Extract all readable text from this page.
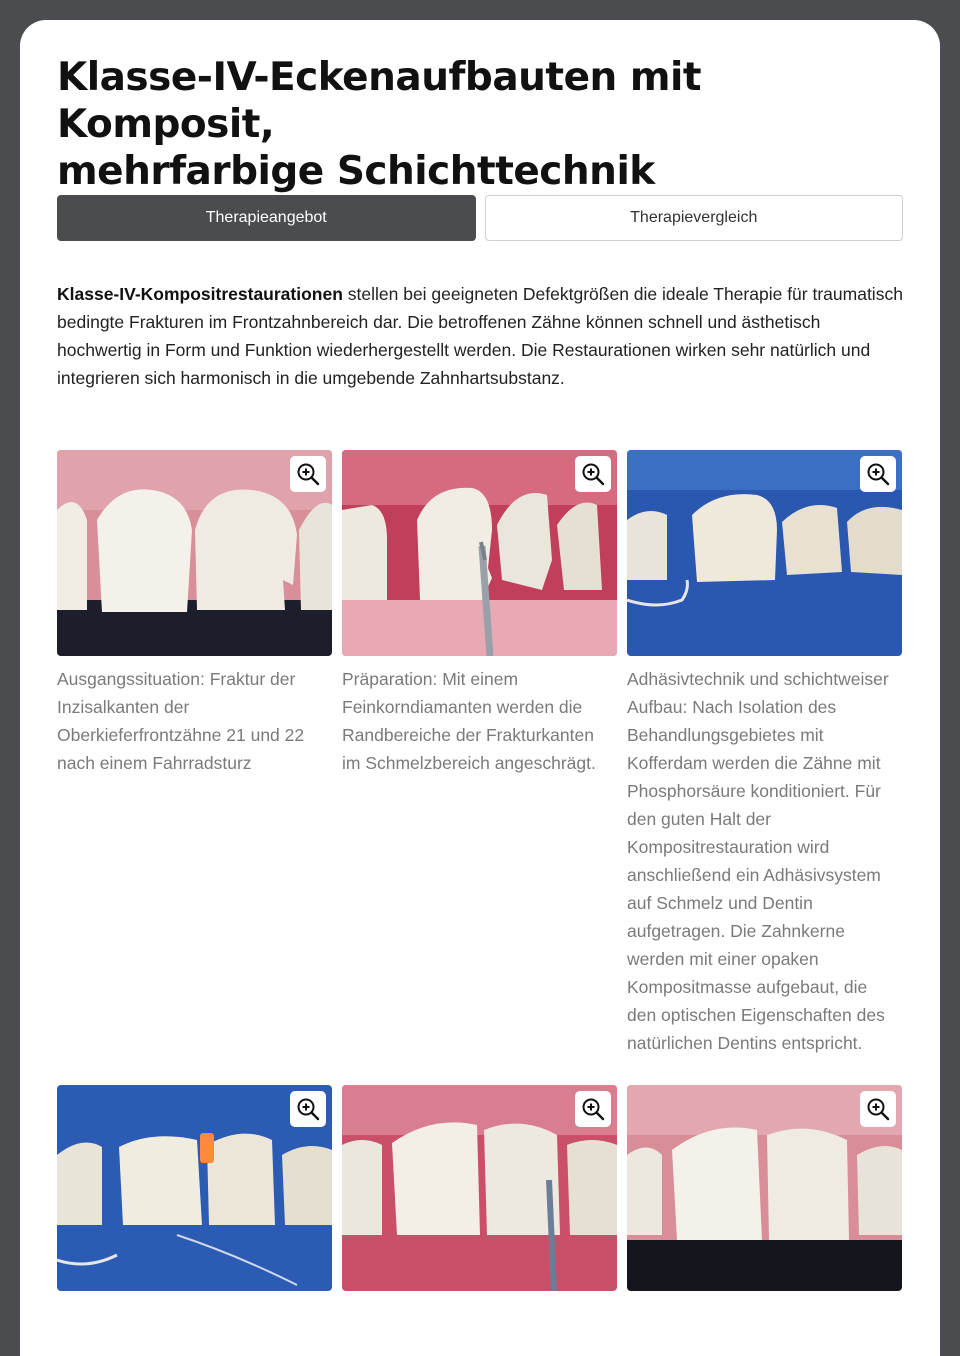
Klasse-IV-Eckenaufbauten mit Komposit,
mehrfarbige Schichttechnik
Therapieangebot	Therapievergleich

Klasse-IV-Kompositrestaurationen stellen bei geeigneten Defektgrößen die ideale Therapie für traumatisch bedingte Frakturen im Frontzahnbereich dar. Die betroffenen Zähne können schnell und ästhetisch hochwertig in Form und Funktion wiederhergestellt werden. Die Restaurationen wirken sehr natürlich und integrieren sich harmonisch in die umgebende Zahnhartsubstanz.

Ausgangssituation: Fraktur der Inzisalkanten der Oberkieferfrontzähne 21 und 22 nach einem Fahrradsturz

Präparation: Mit einem Feinkorndiamanten werden die Randbereiche der Frakturkanten im Schmelzbereich angeschrägt.

Adhäsivtechnik und schichtweiser Aufbau: Nach Isolation des Behandlungsgebietes mit Kofferdam werden die Zähne mit Phosphorsäure konditioniert. Für den guten Halt der Kompositrestauration wird anschließend ein Adhäsivsystem auf Schmelz und Dentin aufgetragen. Die Zahnkerne werden mit einer opaken Kompositmasse aufgebaut, die den optischen Eigenschaften des natürlichen Dentins entspricht.
